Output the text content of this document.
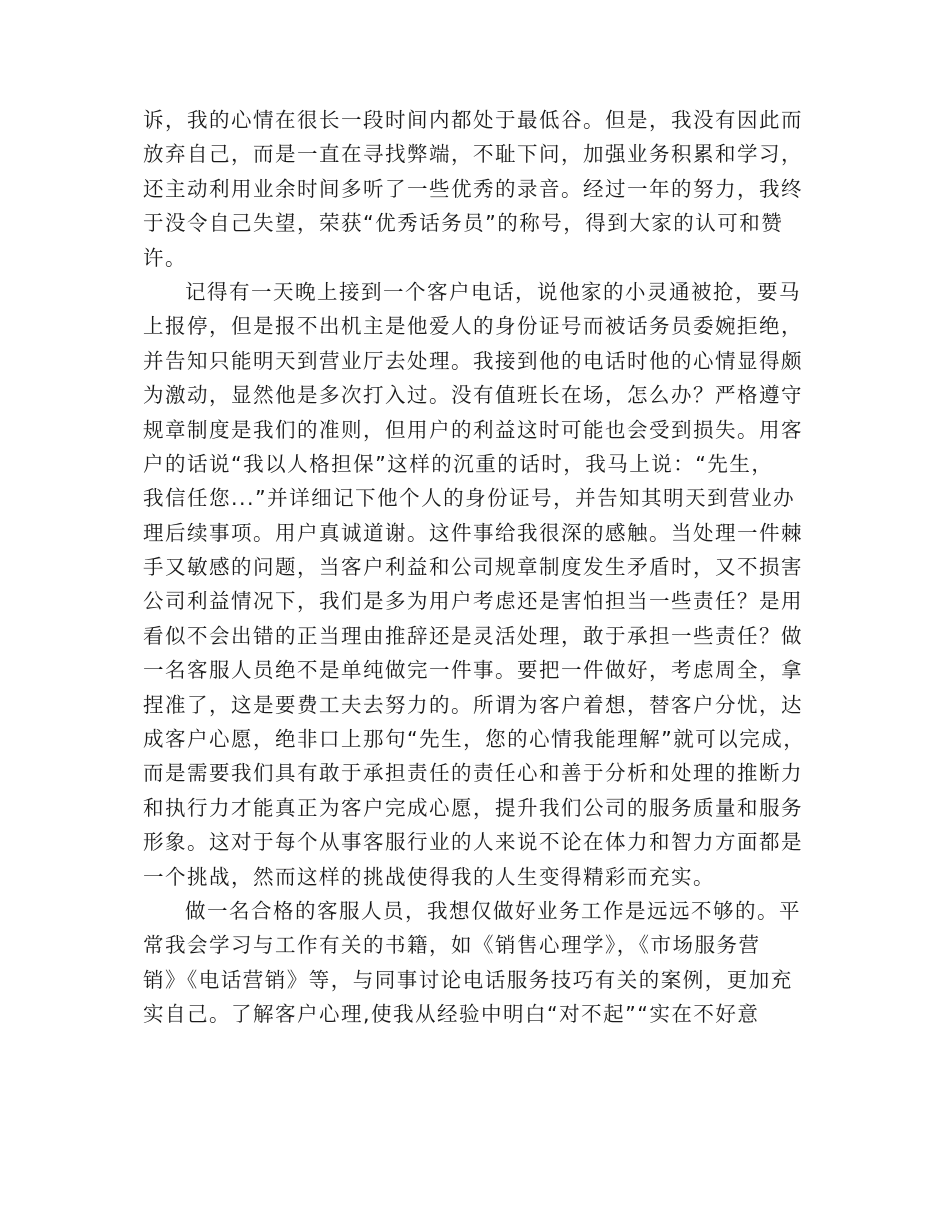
诉，我的心情在很长一段时间内都处于最低谷。但是，我没有因此而
放弃自己，而是一直在寻找弊端，不耻下问，加强业务积累和学习，
还主动利用业余时间多听了一些优秀的录音。经过一年的努力，我终
于没令自己失望，荣获“优秀话务员”的称号，得到大家的认可和赞
许。
记得有一天晚上接到一个客户电话，说他家的小灵通被抢，要马
上报停，但是报不出机主是他爱人的身份证号而被话务员委婉拒绝，
并告知只能明天到营业厅去处理。我接到他的电话时他的心情显得颇
为激动，显然他是多次打入过。没有值班长在场，怎么办？严格遵守
规章制度是我们的准则，但用户的利益这时可能也会受到损失。用客
户的话说“我以人格担保”这样的沉重的话时，我马上说：“先生，
我信任您...”并详细记下他个人的身份证号，并告知其明天到营业办
理后续事项。用户真诚道谢。这件事给我很深的感触。当处理一件棘
手又敏感的问题，当客户利益和公司规章制度发生矛盾时，又不损害
公司利益情况下，我们是多为用户考虑还是害怕担当一些责任？是用
看似不会出错的正当理由推辞还是灵活处理，敢于承担一些责任？做
一名客服人员绝不是单纯做完一件事。要把一件做好，考虑周全，拿
捏准了，这是要费工夫去努力的。所谓为客户着想，替客户分忧，达
成客户心愿，绝非口上那句“先生，您的心情我能理解”就可以完成，
而是需要我们具有敢于承担责任的责任心和善于分析和处理的推断力
和执行力才能真正为客户完成心愿，提升我们公司的服务质量和服务
形象。这对于每个从事客服行业的人来说不论在体力和智力方面都是
一个挑战，然而这样的挑战使得我的人生变得精彩而充实。
做一名合格的客服人员，我想仅做好业务工作是远远不够的。平
常我会学习与工作有关的书籍，如《销售心理学》，《市场服务营
销》《电话营销》等，与同事讨论电话服务技巧有关的案例，更加充
实自己。了解客户心理,使我从经验中明白“对不起”“实在不好意
